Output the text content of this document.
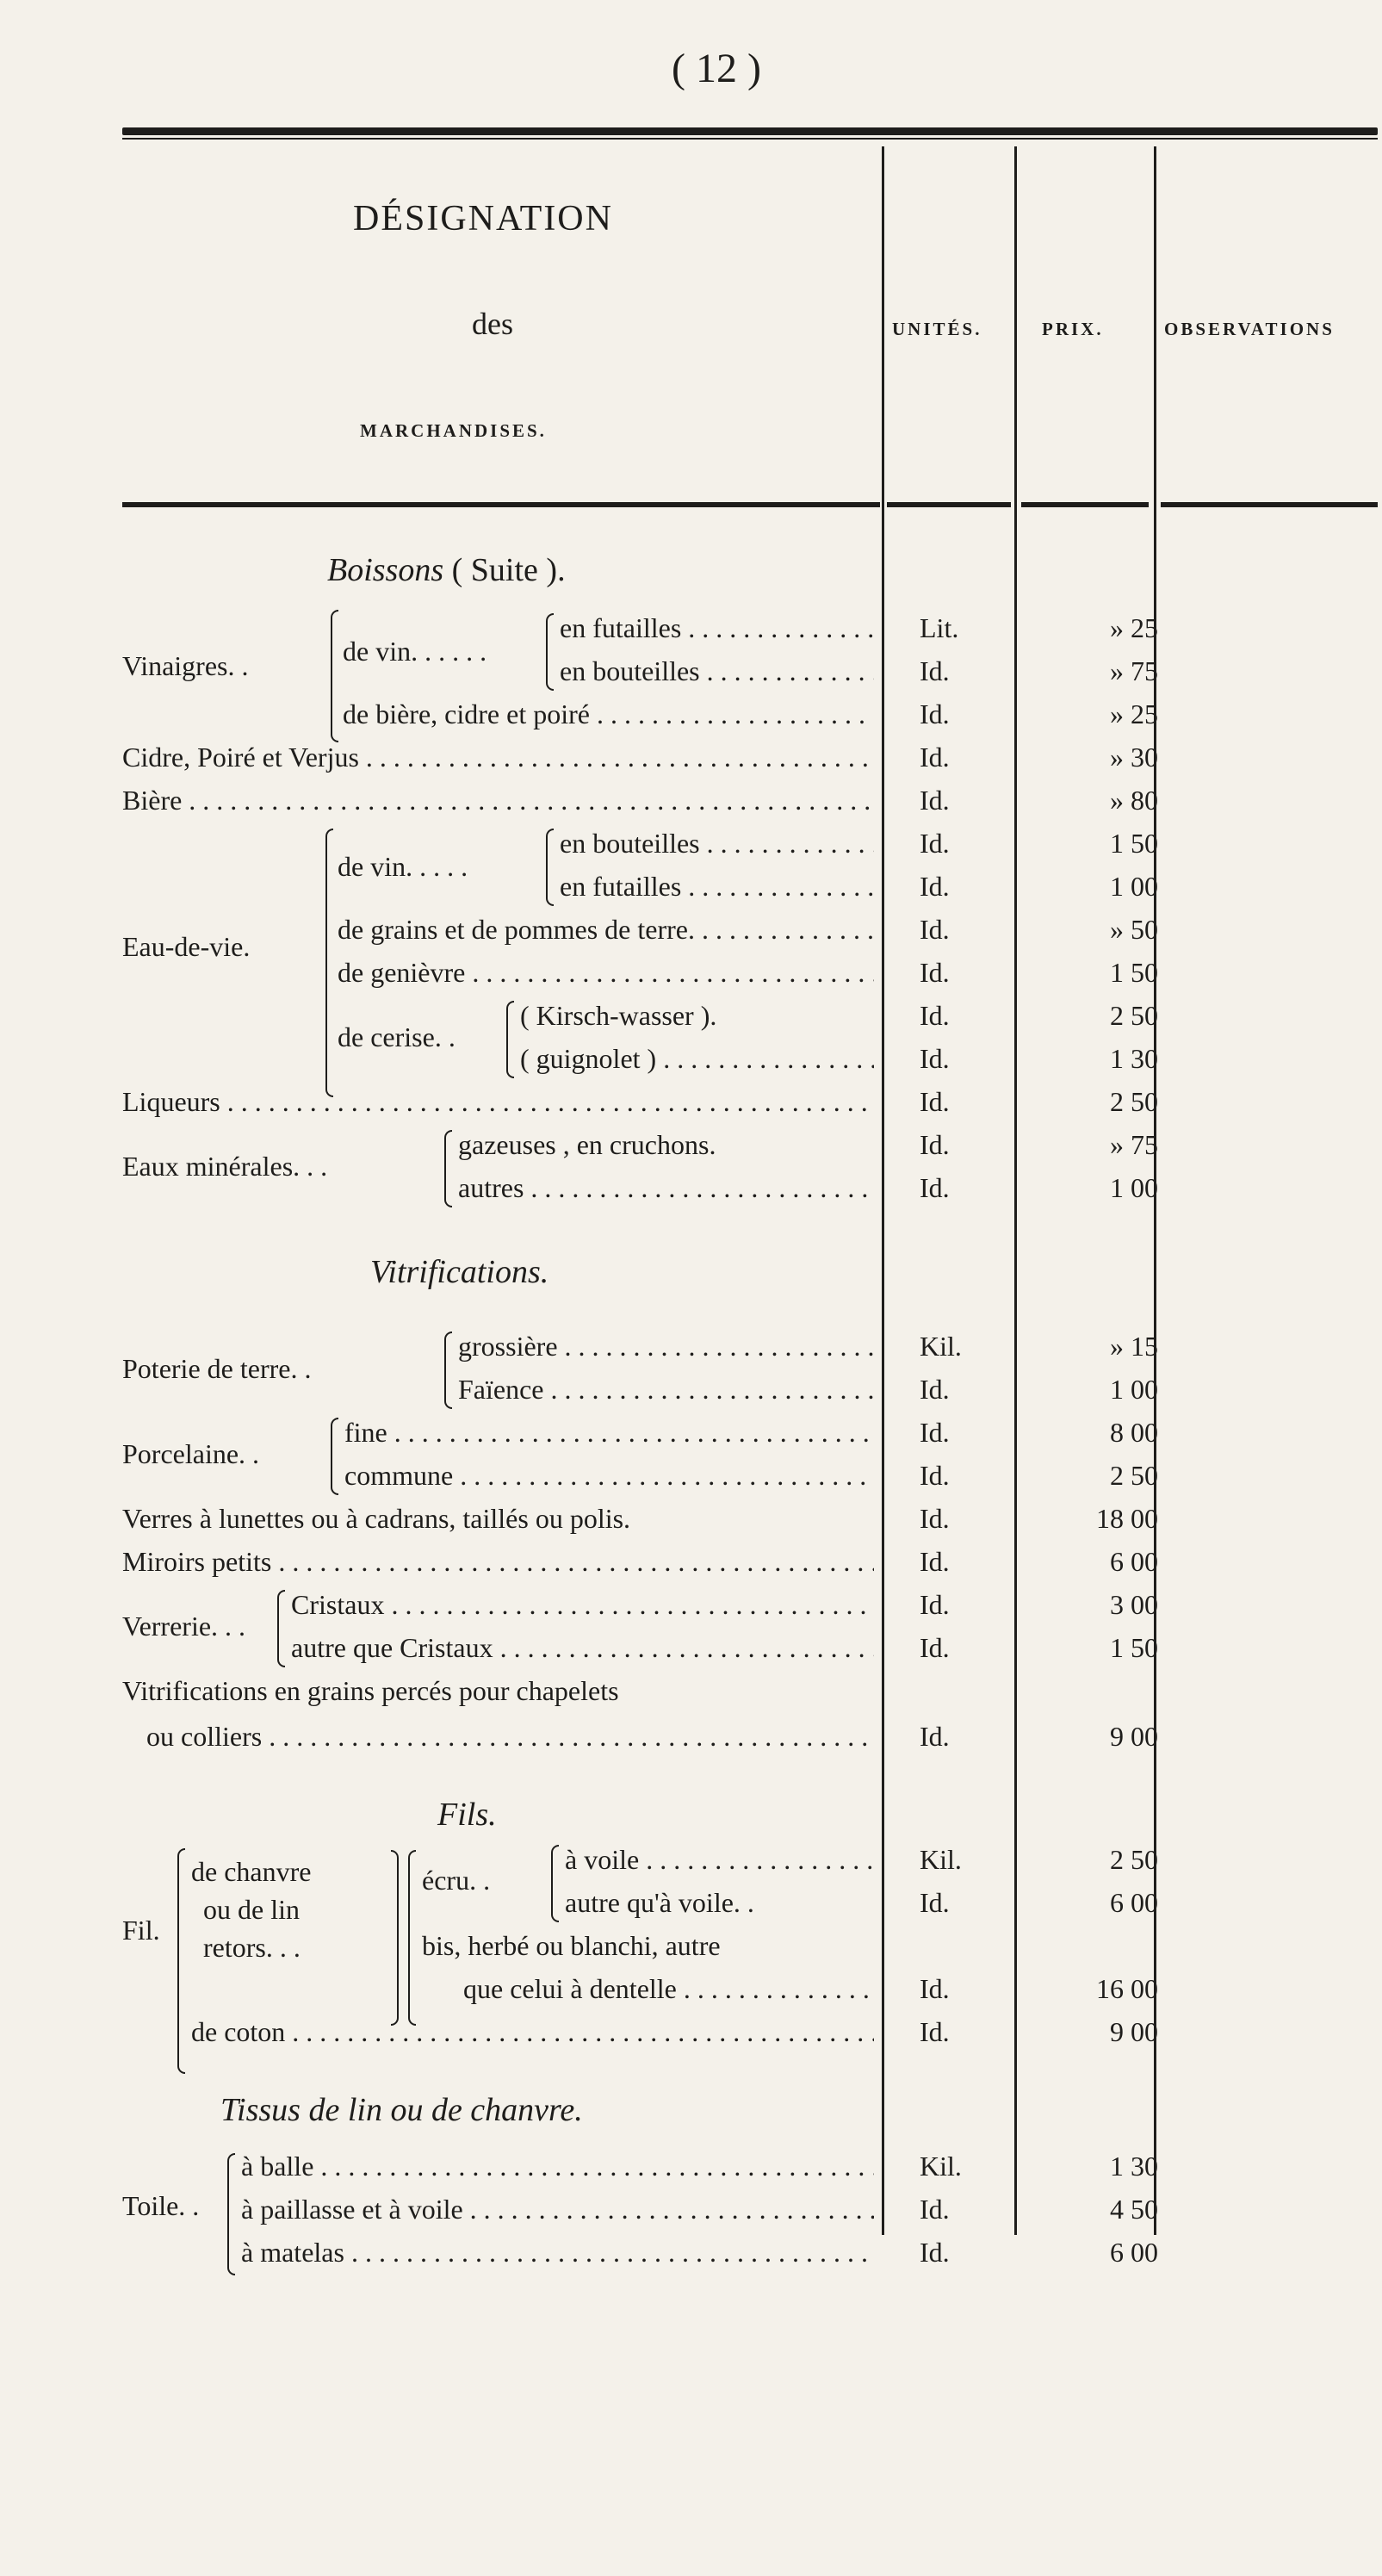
( 12 )
DÉSIGNATION
des
MARCHANDISES.
UNITÉS.	PRIX.	OBSERVATIONS
Boissons ( Suite ).
Vinaigres. .	de vin. . . . . .
en futailles . . .	Lit.	» 25
en bouteilles . . .	Id.	» 75
de bière, cidre et poiré . . .	Id.	» 25
Cidre, Poiré et Verjus . . .	Id.	» 30
Bière . . .	Id.	» 80
Eau-de-vie.
de vin. . . . .
en bouteilles . . .	Id.	1 50
en futailles . . .	Id.	1 00
de grains et de pommes de terre. . . .	Id.	» 50
de genièvre . . .	Id.	1 50
de cerise. .
( Kirsch-wasser ).	Id.	2 50
( guignolet ) . . .	Id.	1 30
Liqueurs . . .	Id.	2 50
Eaux minérales. . .
gazeuses , en cruchons.	Id.	» 75
autres . . .	Id.	1 00
Vitrifications.
Poterie de terre. .
grossière . . .	Kil.	» 15
Faïence . . .	Id.	1 00
Porcelaine. .
fine . . .	Id.	8 00
commune . . .	Id.	2 50
Verres à lunettes ou à cadrans, taillés ou polis.	Id.	18 00
Miroirs petits . . .	Id.	6 00
Verrerie. . .
Cristaux . . .	Id.	3 00
autre que Cristaux . . .	Id.	1 50
Vitrifications en grains percés pour chapelets
ou colliers . . .	Id.	9 00
Fils.
Fil.
de chanvre
ou de lin
retors. . .
écru. .
à voile . . .	Kil.	2 50
autre qu'à voile. .	Id.	6 00
bis, herbé ou blanchi, autre
que celui à dentelle . . .	Id.	16 00
de coton . . .	Id.	9 00
Tissus de lin ou de chanvre.
Toile. .
à balle . . .	Kil.	1 30
à paillasse et à voile . . .	Id.	4 50
à matelas . . .	Id.	6 00
